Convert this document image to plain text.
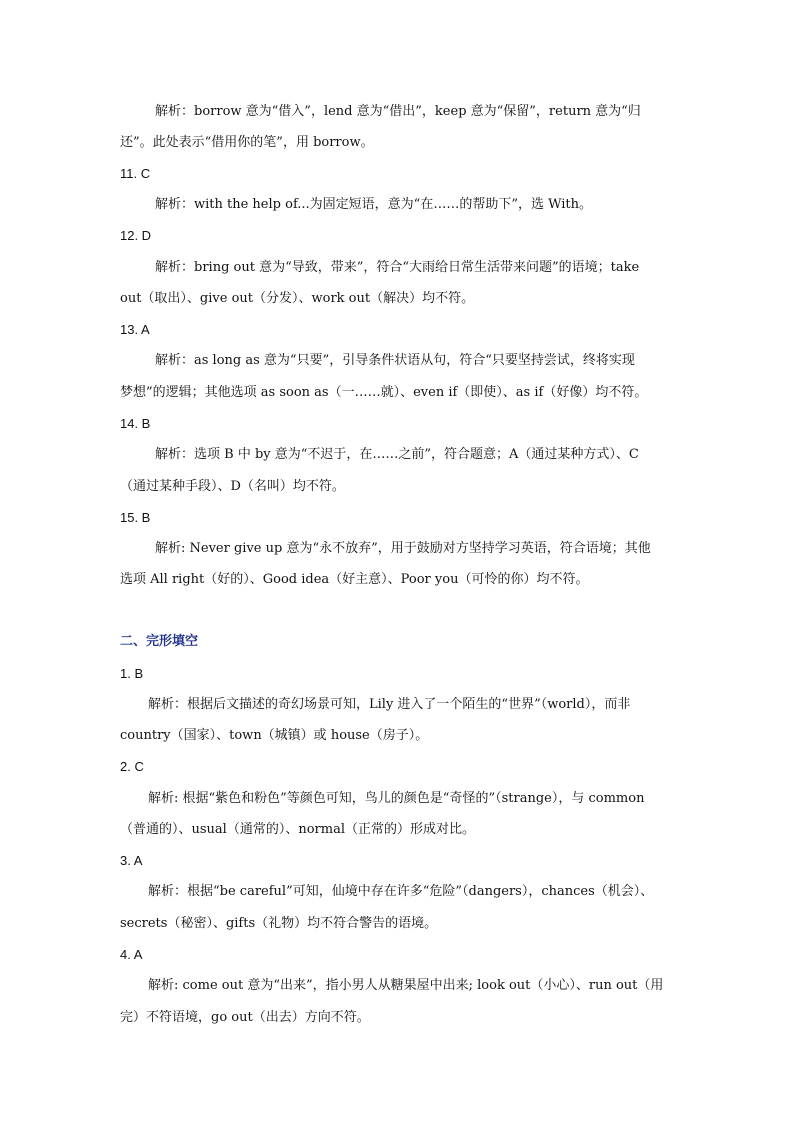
解析：borrow 意为“借入”，lend 意为“借出”，keep 意为“保留”，return 意为“归
还”。此处表示“借用你的笔”，用 borrow。
11. C
解析：with the help of...为固定短语，意为“在……的帮助下”，选 With。
12. D
解析：bring out 意为“导致，带来”，符合“大雨给日常生活带来问题”的语境；take
out（取出）、give out（分发）、work out（解决）均不符。
13. A
解析：as long as 意为“只要”，引导条件状语从句，符合“只要坚持尝试，终将实现
梦想”的逻辑；其他选项 as soon as（一……就）、even if（即使）、as if（好像）均不符。
14. B
解析：选项 B 中 by 意为“不迟于，在……之前”，符合题意；A（通过某种方式）、C
（通过某种手段）、D（名叫）均不符。
15. B
解析: Never give up 意为“永不放弃”，用于鼓励对方坚持学习英语，符合语境；其他
选项 All right（好的）、Good idea（好主意）、Poor you（可怜的你）均不符。
二、完形填空
1. B
解析：根据后文描述的奇幻场景可知，Lily 进入了一个陌生的“世界”（world），而非
country（国家）、town（城镇）或 house（房子）。
2. C
解析: 根据“紫色和粉色”等颜色可知，鸟儿的颜色是“奇怪的”（strange），与 common
（普通的）、usual（通常的）、normal（正常的）形成对比。
3. A
解析：根据“be careful”可知，仙境中存在许多“危险”（dangers），chances（机会）、
secrets（秘密）、gifts（礼物）均不符合警告的语境。
4. A
解析: come out 意为“出来”，指小男人从糖果屋中出来; look out（小心）、run out（用
完）不符语境，go out（出去）方向不符。
